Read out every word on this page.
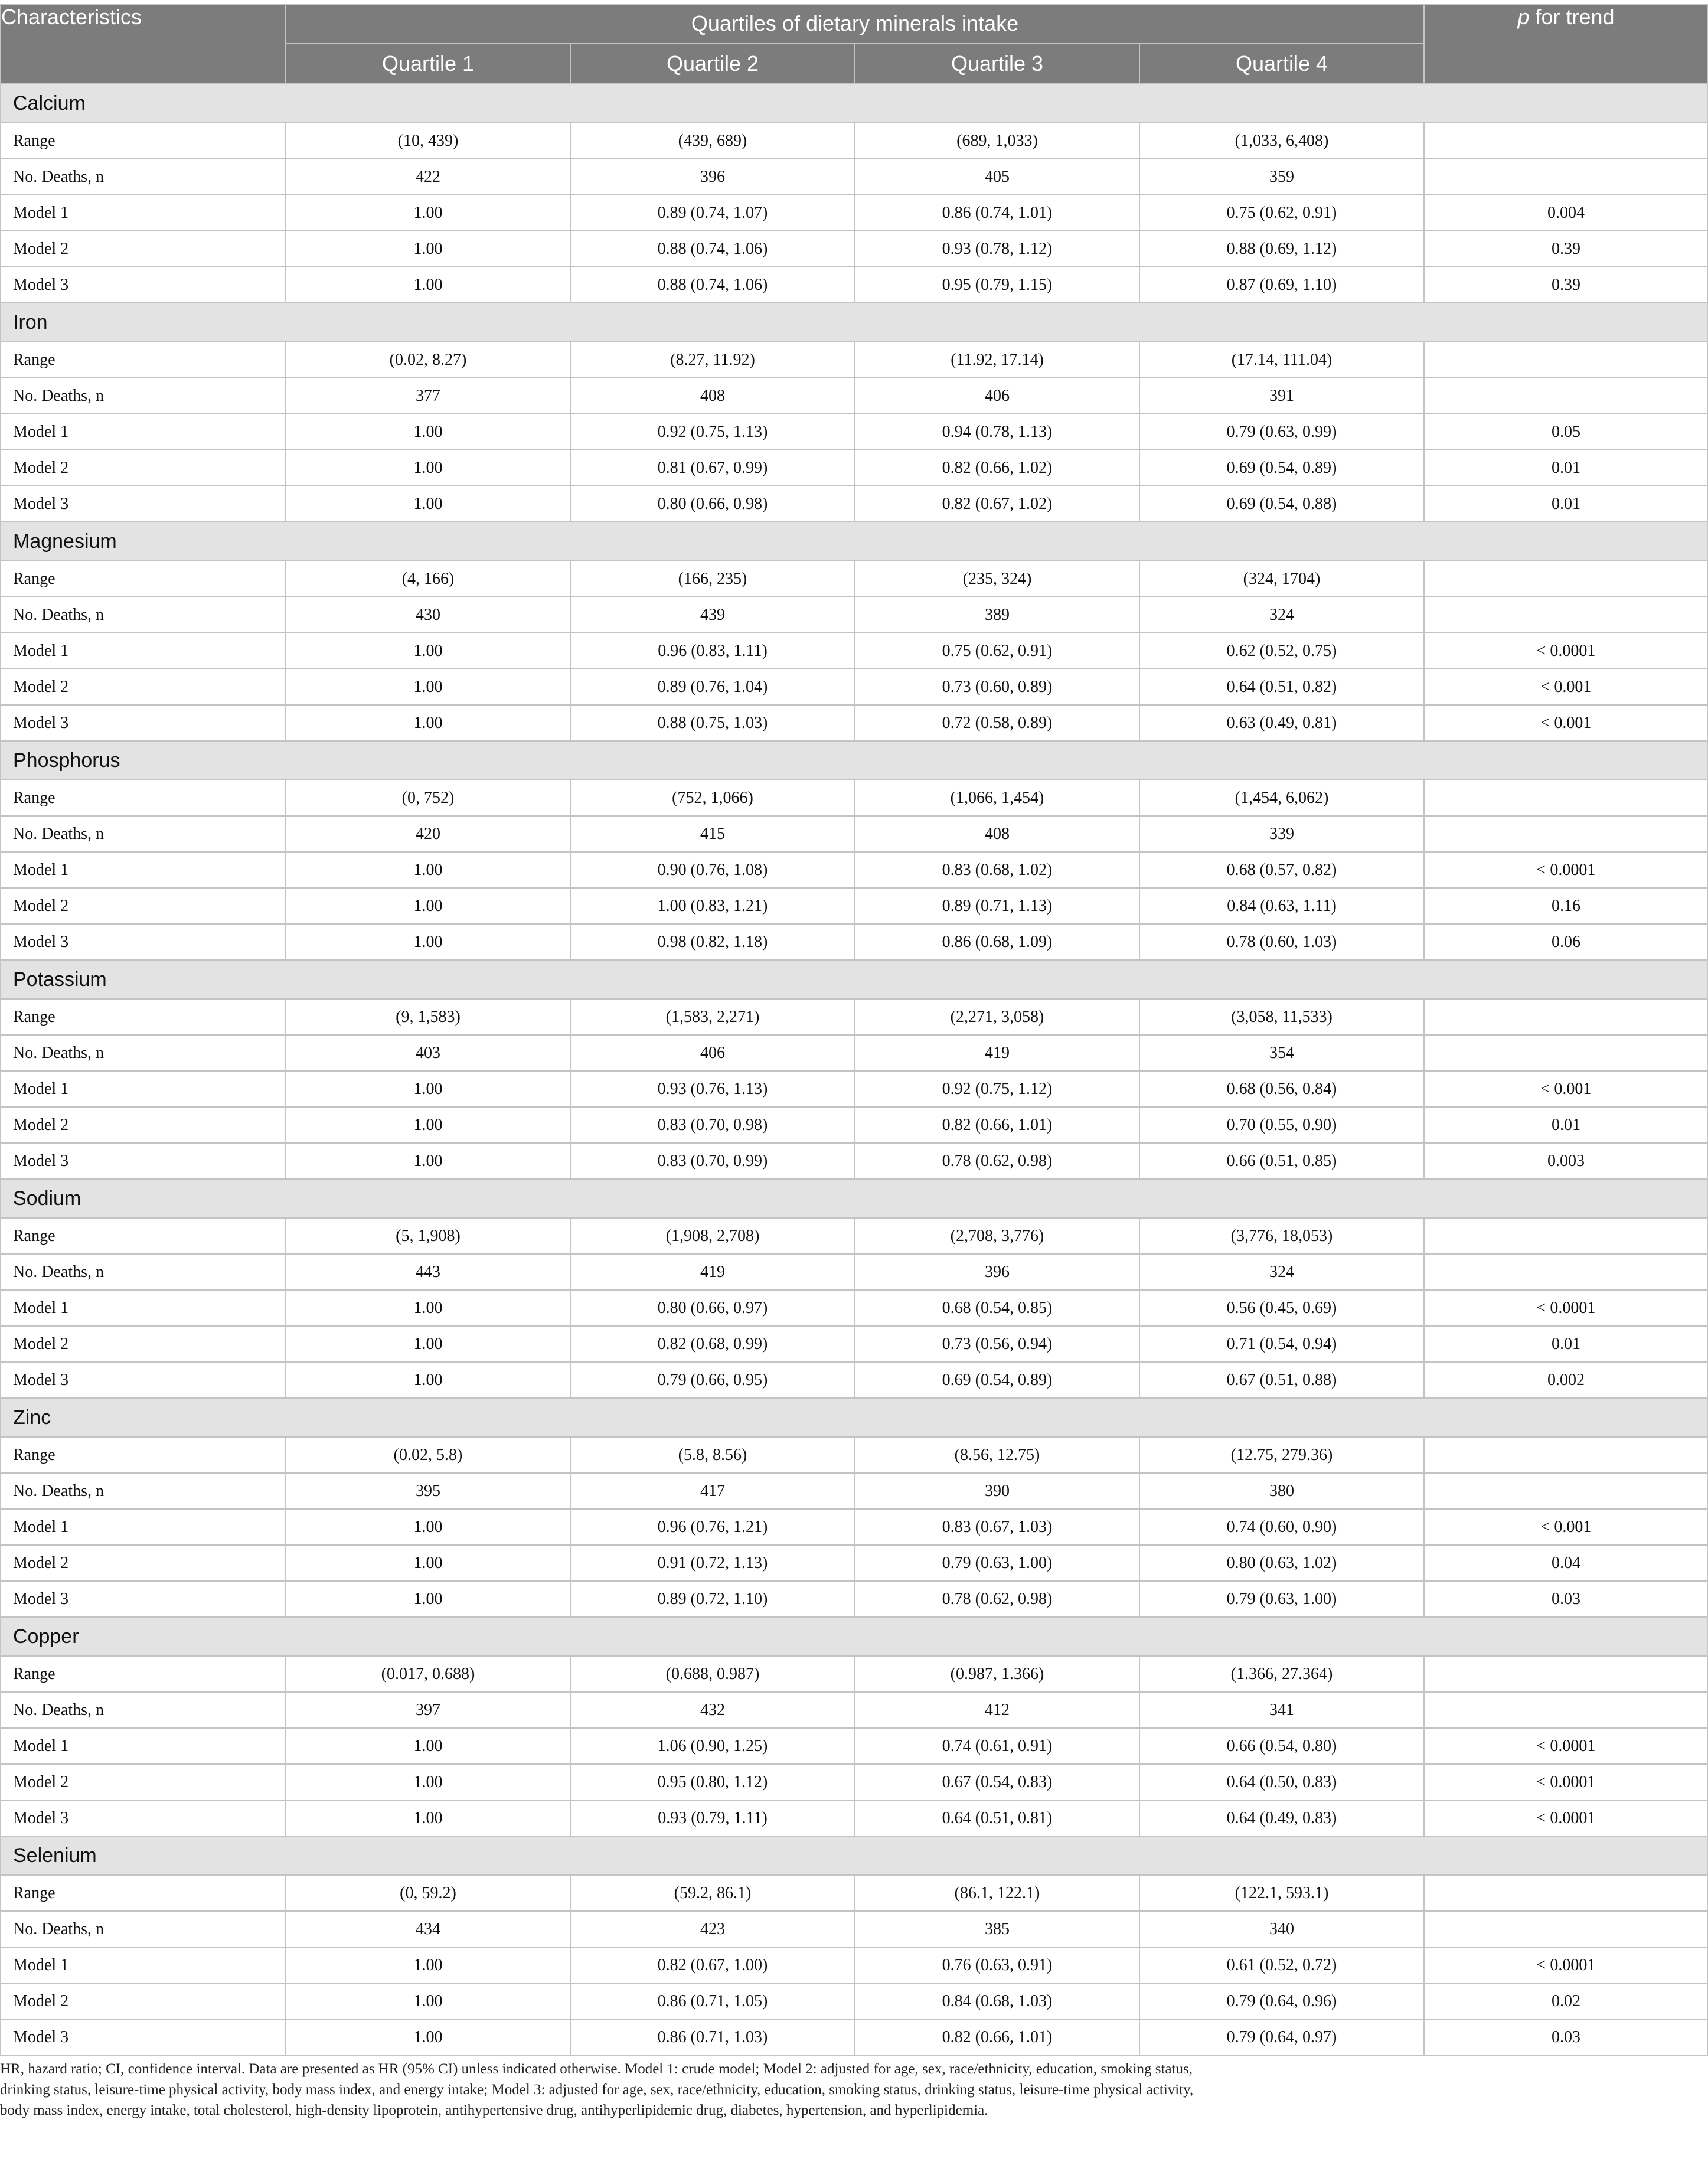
Characteristics	Quartiles of dietary minerals intake				p for trend
	Quartile 1	Quartile 2	Quartile 3	Quartile 4	
Calcium					
Range	(10, 439)	(439, 689)	(689, 1,033)	(1,033, 6,408)	
No. Deaths, n	422	396	405	359	
Model 1	1.00	0.89 (0.74, 1.07)	0.86 (0.74, 1.01)	0.75 (0.62, 0.91)	0.004
Model 2	1.00	0.88 (0.74, 1.06)	0.93 (0.78, 1.12)	0.88 (0.69, 1.12)	0.39
Model 3	1.00	0.88 (0.74, 1.06)	0.95 (0.79, 1.15)	0.87 (0.69, 1.10)	0.39
Iron					
Range	(0.02, 8.27)	(8.27, 11.92)	(11.92, 17.14)	(17.14, 111.04)	
No. Deaths, n	377	408	406	391	
Model 1	1.00	0.92 (0.75, 1.13)	0.94 (0.78, 1.13)	0.79 (0.63, 0.99)	0.05
Model 2	1.00	0.81 (0.67, 0.99)	0.82 (0.66, 1.02)	0.69 (0.54, 0.89)	0.01
Model 3	1.00	0.80 (0.66, 0.98)	0.82 (0.67, 1.02)	0.69 (0.54, 0.88)	0.01
Magnesium					
Range	(4, 166)	(166, 235)	(235, 324)	(324, 1704)	
No. Deaths, n	430	439	389	324	
Model 1	1.00	0.96 (0.83, 1.11)	0.75 (0.62, 0.91)	0.62 (0.52, 0.75)	< 0.0001
Model 2	1.00	0.89 (0.76, 1.04)	0.73 (0.60, 0.89)	0.64 (0.51, 0.82)	< 0.001
Model 3	1.00	0.88 (0.75, 1.03)	0.72 (0.58, 0.89)	0.63 (0.49, 0.81)	< 0.001
Phosphorus					
Range	(0, 752)	(752, 1,066)	(1,066, 1,454)	(1,454, 6,062)	
No. Deaths, n	420	415	408	339	
Model 1	1.00	0.90 (0.76, 1.08)	0.83 (0.68, 1.02)	0.68 (0.57, 0.82)	< 0.0001
Model 2	1.00	1.00 (0.83, 1.21)	0.89 (0.71, 1.13)	0.84 (0.63, 1.11)	0.16
Model 3	1.00	0.98 (0.82, 1.18)	0.86 (0.68, 1.09)	0.78 (0.60, 1.03)	0.06
Potassium					
Range	(9, 1,583)	(1,583, 2,271)	(2,271, 3,058)	(3,058, 11,533)	
No. Deaths, n	403	406	419	354	
Model 1	1.00	0.93 (0.76, 1.13)	0.92 (0.75, 1.12)	0.68 (0.56, 0.84)	< 0.001
Model 2	1.00	0.83 (0.70, 0.98)	0.82 (0.66, 1.01)	0.70 (0.55, 0.90)	0.01
Model 3	1.00	0.83 (0.70, 0.99)	0.78 (0.62, 0.98)	0.66 (0.51, 0.85)	0.003
Sodium					
Range	(5, 1,908)	(1,908, 2,708)	(2,708, 3,776)	(3,776, 18,053)	
No. Deaths, n	443	419	396	324	
Model 1	1.00	0.80 (0.66, 0.97)	0.68 (0.54, 0.85)	0.56 (0.45, 0.69)	< 0.0001
Model 2	1.00	0.82 (0.68, 0.99)	0.73 (0.56, 0.94)	0.71 (0.54, 0.94)	0.01
Model 3	1.00	0.79 (0.66, 0.95)	0.69 (0.54, 0.89)	0.67 (0.51, 0.88)	0.002
Zinc					
Range	(0.02, 5.8)	(5.8, 8.56)	(8.56, 12.75)	(12.75, 279.36)	
No. Deaths, n	395	417	390	380	
Model 1	1.00	0.96 (0.76, 1.21)	0.83 (0.67, 1.03)	0.74 (0.60, 0.90)	< 0.001
Model 2	1.00	0.91 (0.72, 1.13)	0.79 (0.63, 1.00)	0.80 (0.63, 1.02)	0.04
Model 3	1.00	0.89 (0.72, 1.10)	0.78 (0.62, 0.98)	0.79 (0.63, 1.00)	0.03
Copper					
Range	(0.017, 0.688)	(0.688, 0.987)	(0.987, 1.366)	(1.366, 27.364)	
No. Deaths, n	397	432	412	341	
Model 1	1.00	1.06 (0.90, 1.25)	0.74 (0.61, 0.91)	0.66 (0.54, 0.80)	< 0.0001
Model 2	1.00	0.95 (0.80, 1.12)	0.67 (0.54, 0.83)	0.64 (0.50, 0.83)	< 0.0001
Model 3	1.00	0.93 (0.79, 1.11)	0.64 (0.51, 0.81)	0.64 (0.49, 0.83)	< 0.0001
Selenium					
Range	(0, 59.2)	(59.2, 86.1)	(86.1, 122.1)	(122.1, 593.1)	
No. Deaths, n	434	423	385	340	
Model 1	1.00	0.82 (0.67, 1.00)	0.76 (0.63, 0.91)	0.61 (0.52, 0.72)	< 0.0001
Model 2	1.00	0.86 (0.71, 1.05)	0.84 (0.68, 1.03)	0.79 (0.64, 0.96)	0.02
Model 3	1.00	0.86 (0.71, 1.03)	0.82 (0.66, 1.01)	0.79 (0.64, 0.97)	0.03
HR, hazard ratio; CI, confidence interval. Data are presented as HR (95% CI) unless indicated otherwise. Model 1: crude model; Model 2: adjusted for age, sex, race/ethnicity, education, smoking status, drinking status, leisure-time physical activity, body mass index, and energy intake; Model 3: adjusted for age, sex, race/ethnicity, education, smoking status, drinking status, leisure-time physical activity, body mass index, energy intake, total cholesterol, high-density lipoprotein, antihypertensive drug, antihyperlipidemic drug, diabetes, hypertension, and hyperlipidemia.
